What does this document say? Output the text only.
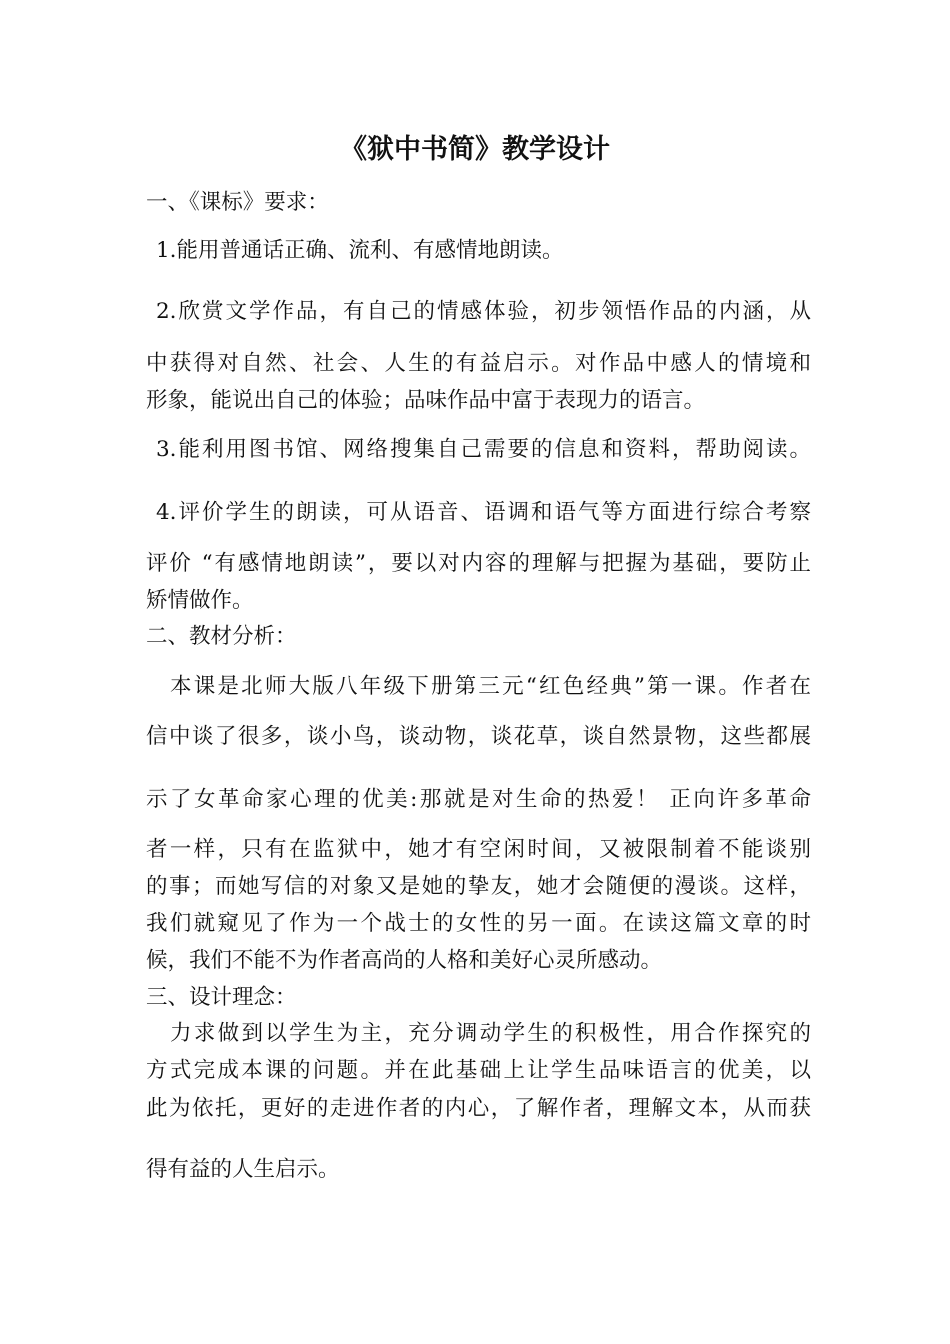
《狱中书简》教学设计
一、《课标》要求：
1.能用普通话正确、流利、有感情地朗读。
2.欣赏文学作品，有自己的情感体验，初步领悟作品的内涵，从
中获得对自然、社会、人生的有益启示。对作品中感人的情境和
形象，能说出自己的体验；品味作品中富于表现力的语言。
3.能利用图书馆、网络搜集自己需要的信息和资料，帮助阅读。
4.评价学生的朗读，可从语音、语调和语气等方面进行综合考察
评价 “有感情地朗读”，要以对内容的理解与把握为基础，要防止
矫情做作。
二、教材分析：
本课是北师大版八年级下册第三元“红色经典”第一课。作者在
信中谈了很多，谈小鸟，谈动物，谈花草，谈自然景物，这些都展
示了女革命家心理的优美:那就是对生命的热爱！ 正向许多革命
者一样，只有在监狱中，她才有空闲时间，又被限制着不能谈别
的事；而她写信的对象又是她的挚友，她才会随便的漫谈。这样，
我们就窥见了作为一个战士的女性的另一面。在读这篇文章的时
候，我们不能不为作者高尚的人格和美好心灵所感动。
三、设计理念：
力求做到以学生为主，充分调动学生的积极性，用合作探究的
方式完成本课的问题。并在此基础上让学生品味语言的优美，以
此为依托，更好的走进作者的内心，了解作者，理解文本，从而获
得有益的人生启示。
